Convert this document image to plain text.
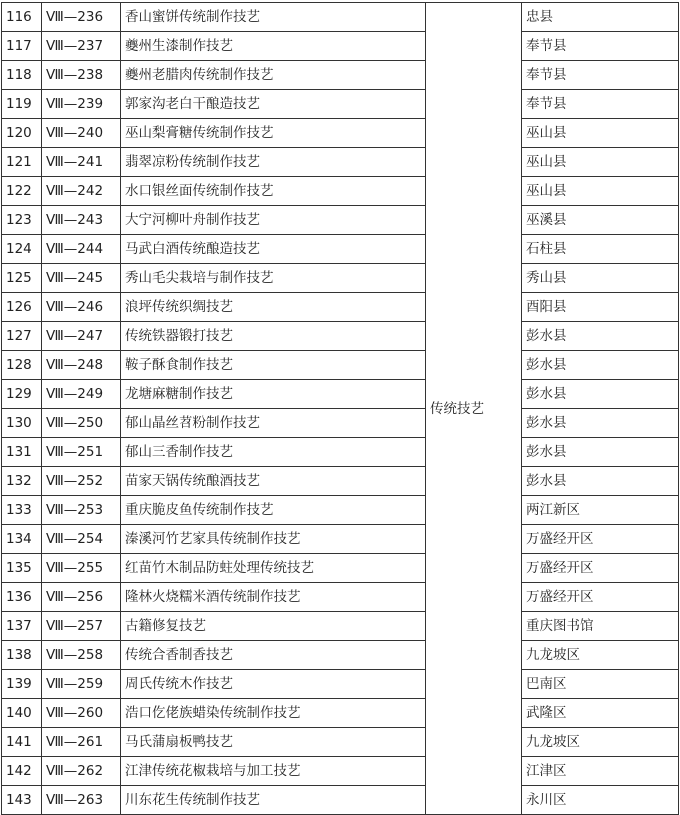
116	Ⅷ—236	香山蜜饼传统制作技艺	传统技艺	忠县
117	Ⅷ—237	夔州生漆制作技艺		奉节县
118	Ⅷ—238	夔州老腊肉传统制作技艺		奉节县
119	Ⅷ—239	郭家沟老白干酿造技艺		奉节县
120	Ⅷ—240	巫山梨膏糖传统制作技艺		巫山县
121	Ⅷ—241	翡翠凉粉传统制作技艺		巫山县
122	Ⅷ—242	水口银丝面传统制作技艺		巫山县
123	Ⅷ—243	大宁河柳叶舟制作技艺		巫溪县
124	Ⅷ—244	马武白酒传统酿造技艺		石柱县
125	Ⅷ—245	秀山毛尖栽培与制作技艺		秀山县
126	Ⅷ—246	浪坪传统织绸技艺		酉阳县
127	Ⅷ—247	传统铁器锻打技艺		彭水县
128	Ⅷ—248	鞍子酥食制作技艺		彭水县
129	Ⅷ—249	龙塘麻糖制作技艺		彭水县
130	Ⅷ—250	郁山晶丝苕粉制作技艺		彭水县
131	Ⅷ—251	郁山三香制作技艺		彭水县
132	Ⅷ—252	苗家天锅传统酿酒技艺		彭水县
133	Ⅷ—253	重庆脆皮鱼传统制作技艺		两江新区
134	Ⅷ—254	溱溪河竹艺家具传统制作技艺		万盛经开区
135	Ⅷ—255	红苗竹木制品防蛀处理传统技艺		万盛经开区
136	Ⅷ—256	隆林火烧糯米酒传统制作技艺		万盛经开区
137	Ⅷ—257	古籍修复技艺		重庆图书馆
138	Ⅷ—258	传统合香制香技艺		九龙坡区
139	Ⅷ—259	周氏传统木作技艺		巴南区
140	Ⅷ—260	浩口仡佬族蜡染传统制作技艺		武隆区
141	Ⅷ—261	马氏蒲扇板鸭技艺		九龙坡区
142	Ⅷ—262	江津传统花椒栽培与加工技艺		江津区
143	Ⅷ—263	川东花生传统制作技艺		永川区
